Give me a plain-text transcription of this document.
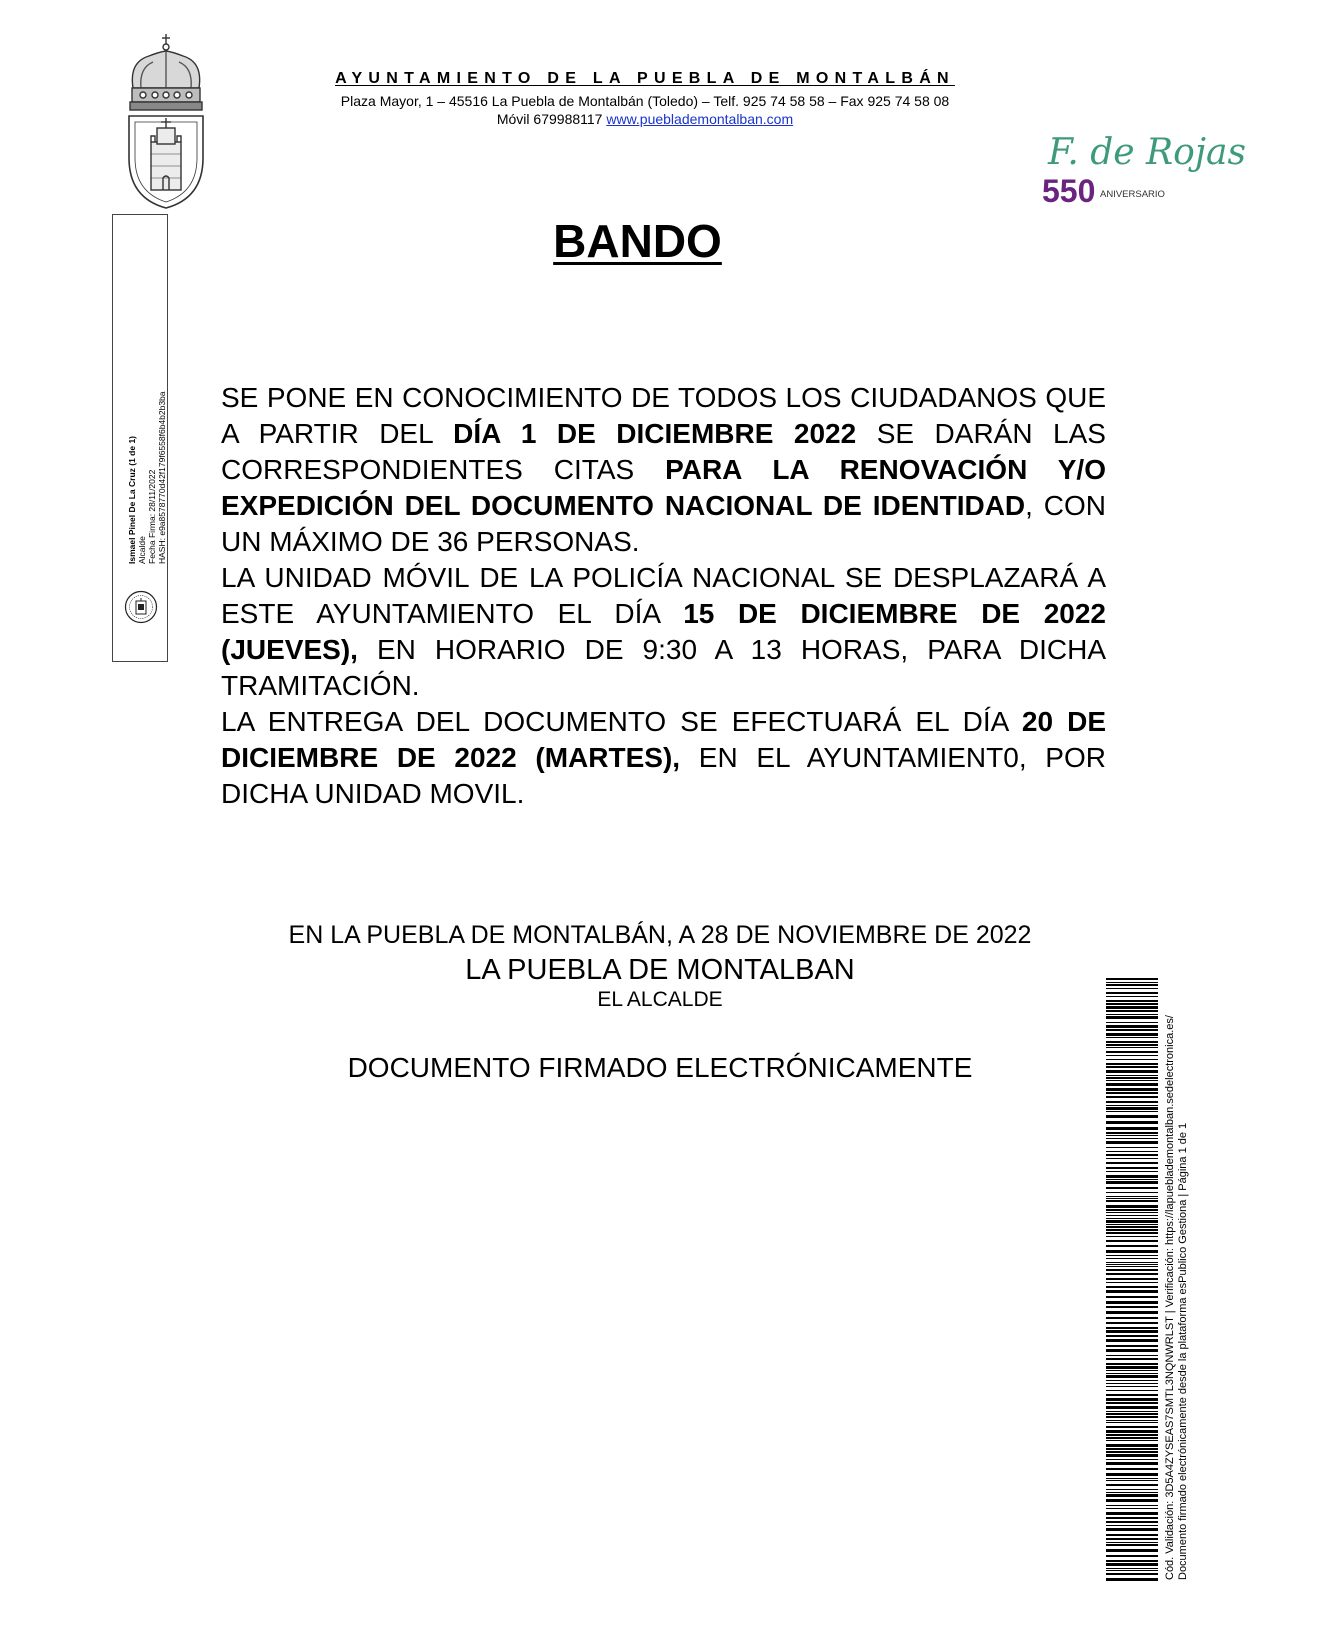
AYUNTAMIENTO DE LA PUEBLA DE MONTALBÁN
Plaza Mayor, 1 – 45516 La Puebla de Montalbán (Toledo) – Telf. 925 74 58 58 – Fax 925 74 58 08
Móvil 679988117 www.pueblademontalban.com
F. de Rojas
550 ANIVERSARIO
BANDO

SE PONE EN CONOCIMIENTO DE TODOS LOS CIUDADANOS QUE A PARTIR DEL DÍA 1 DE DICIEMBRE 2022 SE DARÁN LAS CORRESPONDIENTES CITAS PARA LA RENOVACIÓN Y/O EXPEDICIÓN DEL DOCUMENTO NACIONAL DE IDENTIDAD, CON UN MÁXIMO DE 36 PERSONAS.

LA UNIDAD MÓVIL DE LA POLICÍA NACIONAL SE DESPLAZARÁ A ESTE AYUNTAMIENTO EL DÍA 15 DE DICIEMBRE DE 2022 (JUEVES), EN HORARIO DE 9:30 A 13 HORAS, PARA DICHA TRAMITACIÓN.

LA ENTREGA DEL DOCUMENTO SE EFECTUARÁ EL DÍA 20 DE DICIEMBRE DE 2022 (MARTES), EN EL AYUNTAMIENT0, POR DICHA UNIDAD MOVIL.

EN LA PUEBLA DE MONTALBÁN, A 28 DE NOVIEMBRE DE 2022
LA PUEBLA DE MONTALBAN
EL ALCALDE
DOCUMENTO FIRMADO ELECTRÓNICAMENTE
Ismael Pinel De La Cruz (1 de 1) Alcalde Fecha Firma: 28/11/2022 HASH: e9a8578770d42f179f6558f6b4b2b3ba
Cód. Validación: 3D5A4ZYSEAS7SMTL3NQNWRLST | Verificación: https://lapueblademontalban.sedelectronica.es/ Documento firmado electrónicamente desde la plataforma esPublico Gestiona | Página 1 de 1
